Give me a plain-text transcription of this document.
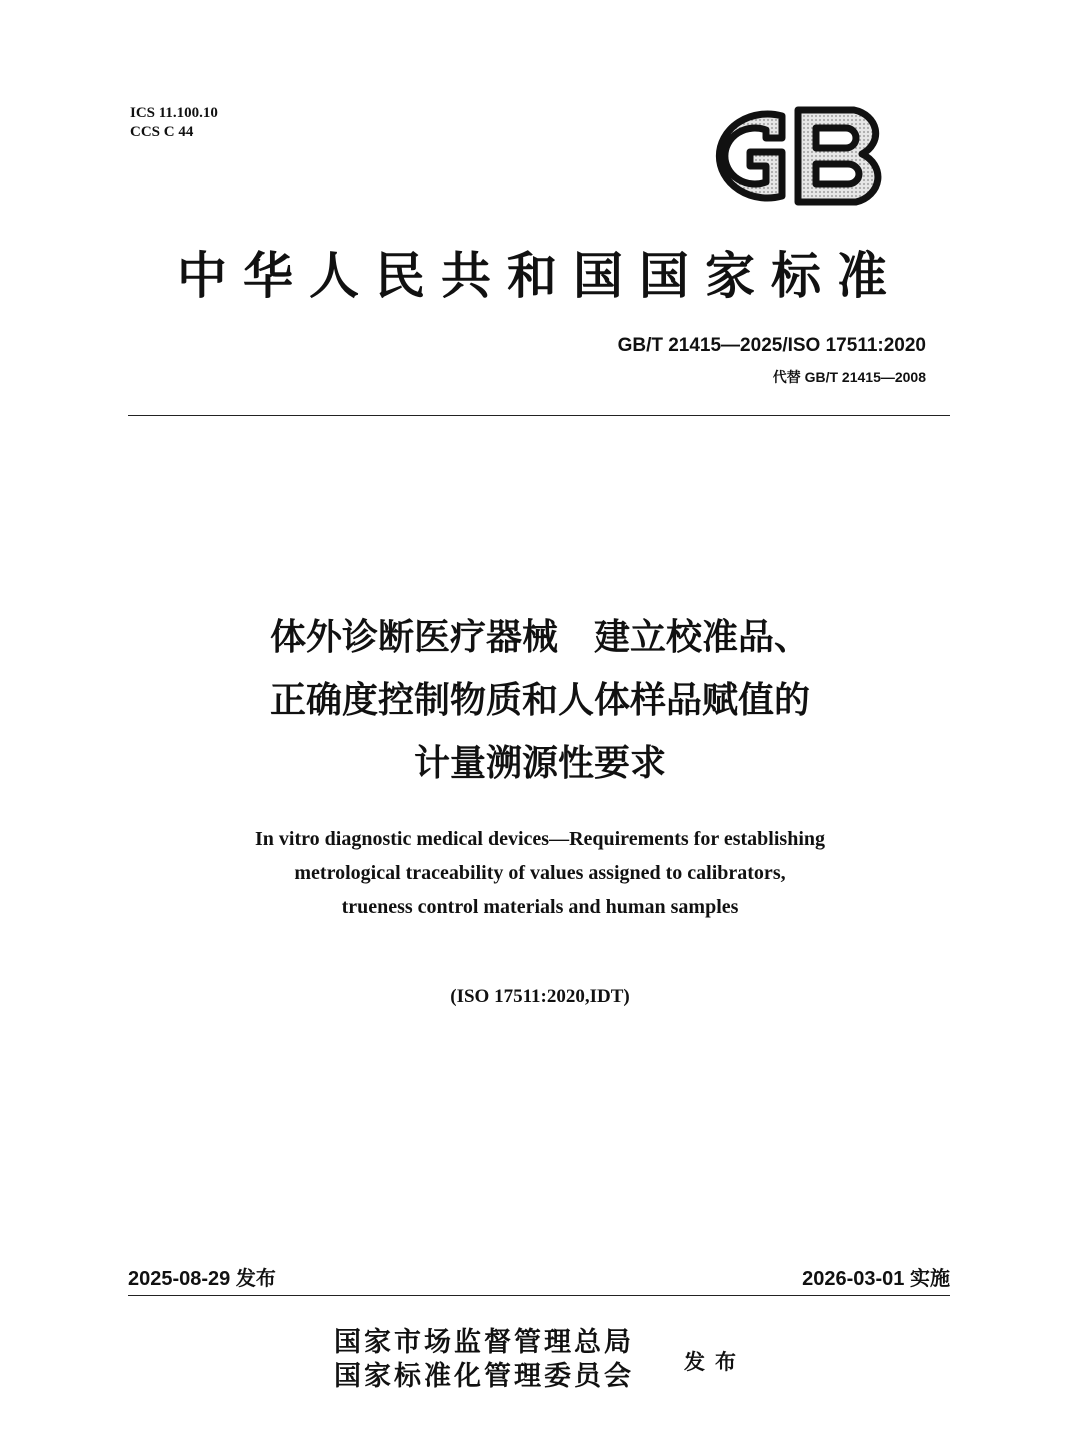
ICS 11.100.10
CCS C 44
中华人民共和国国家标准
GB/T 21415—2025/ISO 17511:2020
代替 GB/T 21415—2008
体外诊断医疗器械　建立校准品、
正确度控制物质和人体样品赋值的
计量溯源性要求
In vitro diagnostic medical devices—Requirements for establishing
metrological traceability of values assigned to calibrators,
trueness control materials and human samples
(ISO 17511:2020,IDT)
2025-08-29 发布	2026-03-01 实施
国家市场监督管理总局
国家标准化管理委员会 发布
